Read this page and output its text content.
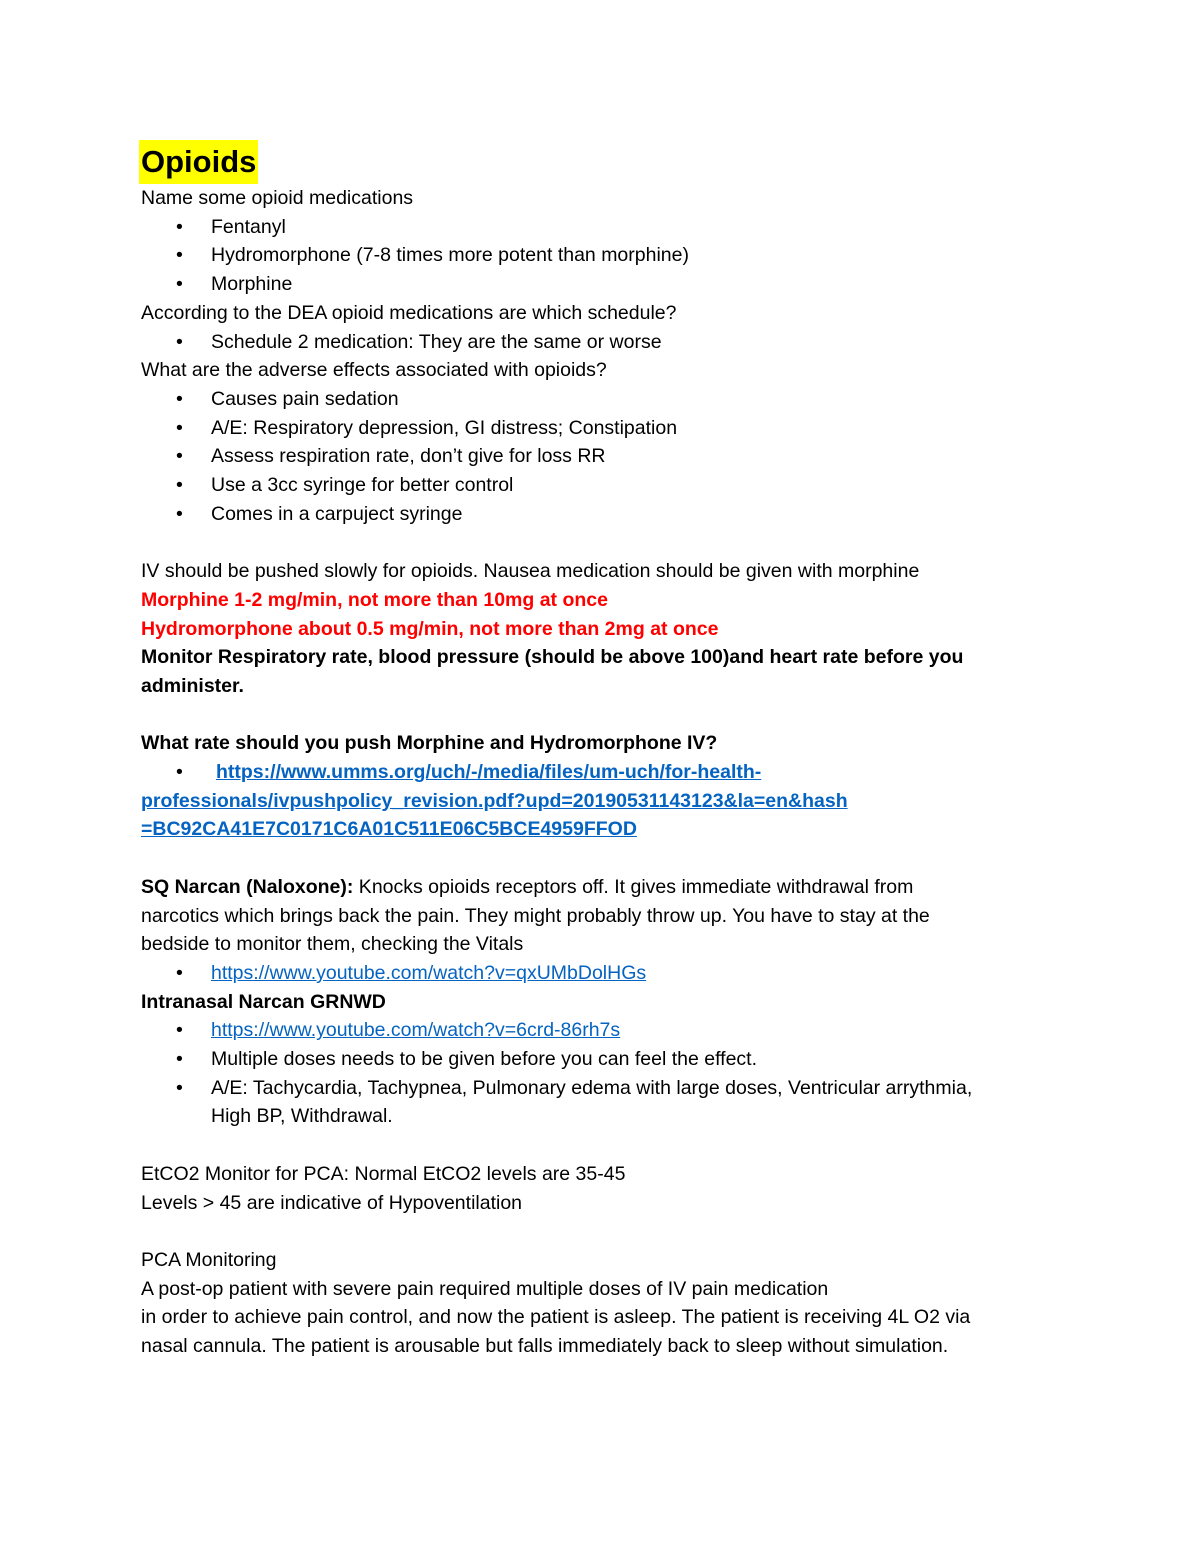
Opioids
Name some opioid medications
• Fentanyl
• Hydromorphone (7-8 times more potent than morphine)
• Morphine
According to the DEA opioid medications are which schedule?
• Schedule 2 medication: They are the same or worse
What are the adverse effects associated with opioids?
• Causes pain sedation
• A/E: Respiratory depression, GI distress; Constipation
• Assess respiration rate, don’t give for loss RR
• Use a 3cc syringe for better control
• Comes in a carpuject syringe
IV should be pushed slowly for opioids. Nausea medication should be given with morphine
Morphine 1-2 mg/min, not more than 10mg at once
Hydromorphone about 0.5 mg/min, not more than 2mg at once
Monitor Respiratory rate, blood pressure (should be above 100)and heart rate before you
administer.
What rate should you push Morphine and Hydromorphone IV?
• https://www.umms.org/uch/-/media/files/um-uch/for-health-
professionals/ivpushpolicy_revision.pdf?upd=20190531143123&la=en&hash
=BC92CA41E7C0171C6A01C511E06C5BCE4959FFOD
SQ Narcan (Naloxone): Knocks opioids receptors off. It gives immediate withdrawal from
narcotics which brings back the pain. They might probably throw up. You have to stay at the
bedside to monitor them, checking the Vitals
• https://www.youtube.com/watch?v=qxUMbDolHGs
Intranasal Narcan GRNWD
• https://www.youtube.com/watch?v=6crd-86rh7s
• Multiple doses needs to be given before you can feel the effect.
• A/E: Tachycardia, Tachypnea, Pulmonary edema with large doses, Ventricular arrythmia,
High BP, Withdrawal.
EtCO2 Monitor for PCA: Normal EtCO2 levels are 35-45
Levels > 45 are indicative of Hypoventilation
PCA Monitoring
A post-op patient with severe pain required multiple doses of IV pain medication
in order to achieve pain control, and now the patient is asleep. The patient is receiving 4L O2 via
nasal cannula. The patient is arousable but falls immediately back to sleep without simulation.
